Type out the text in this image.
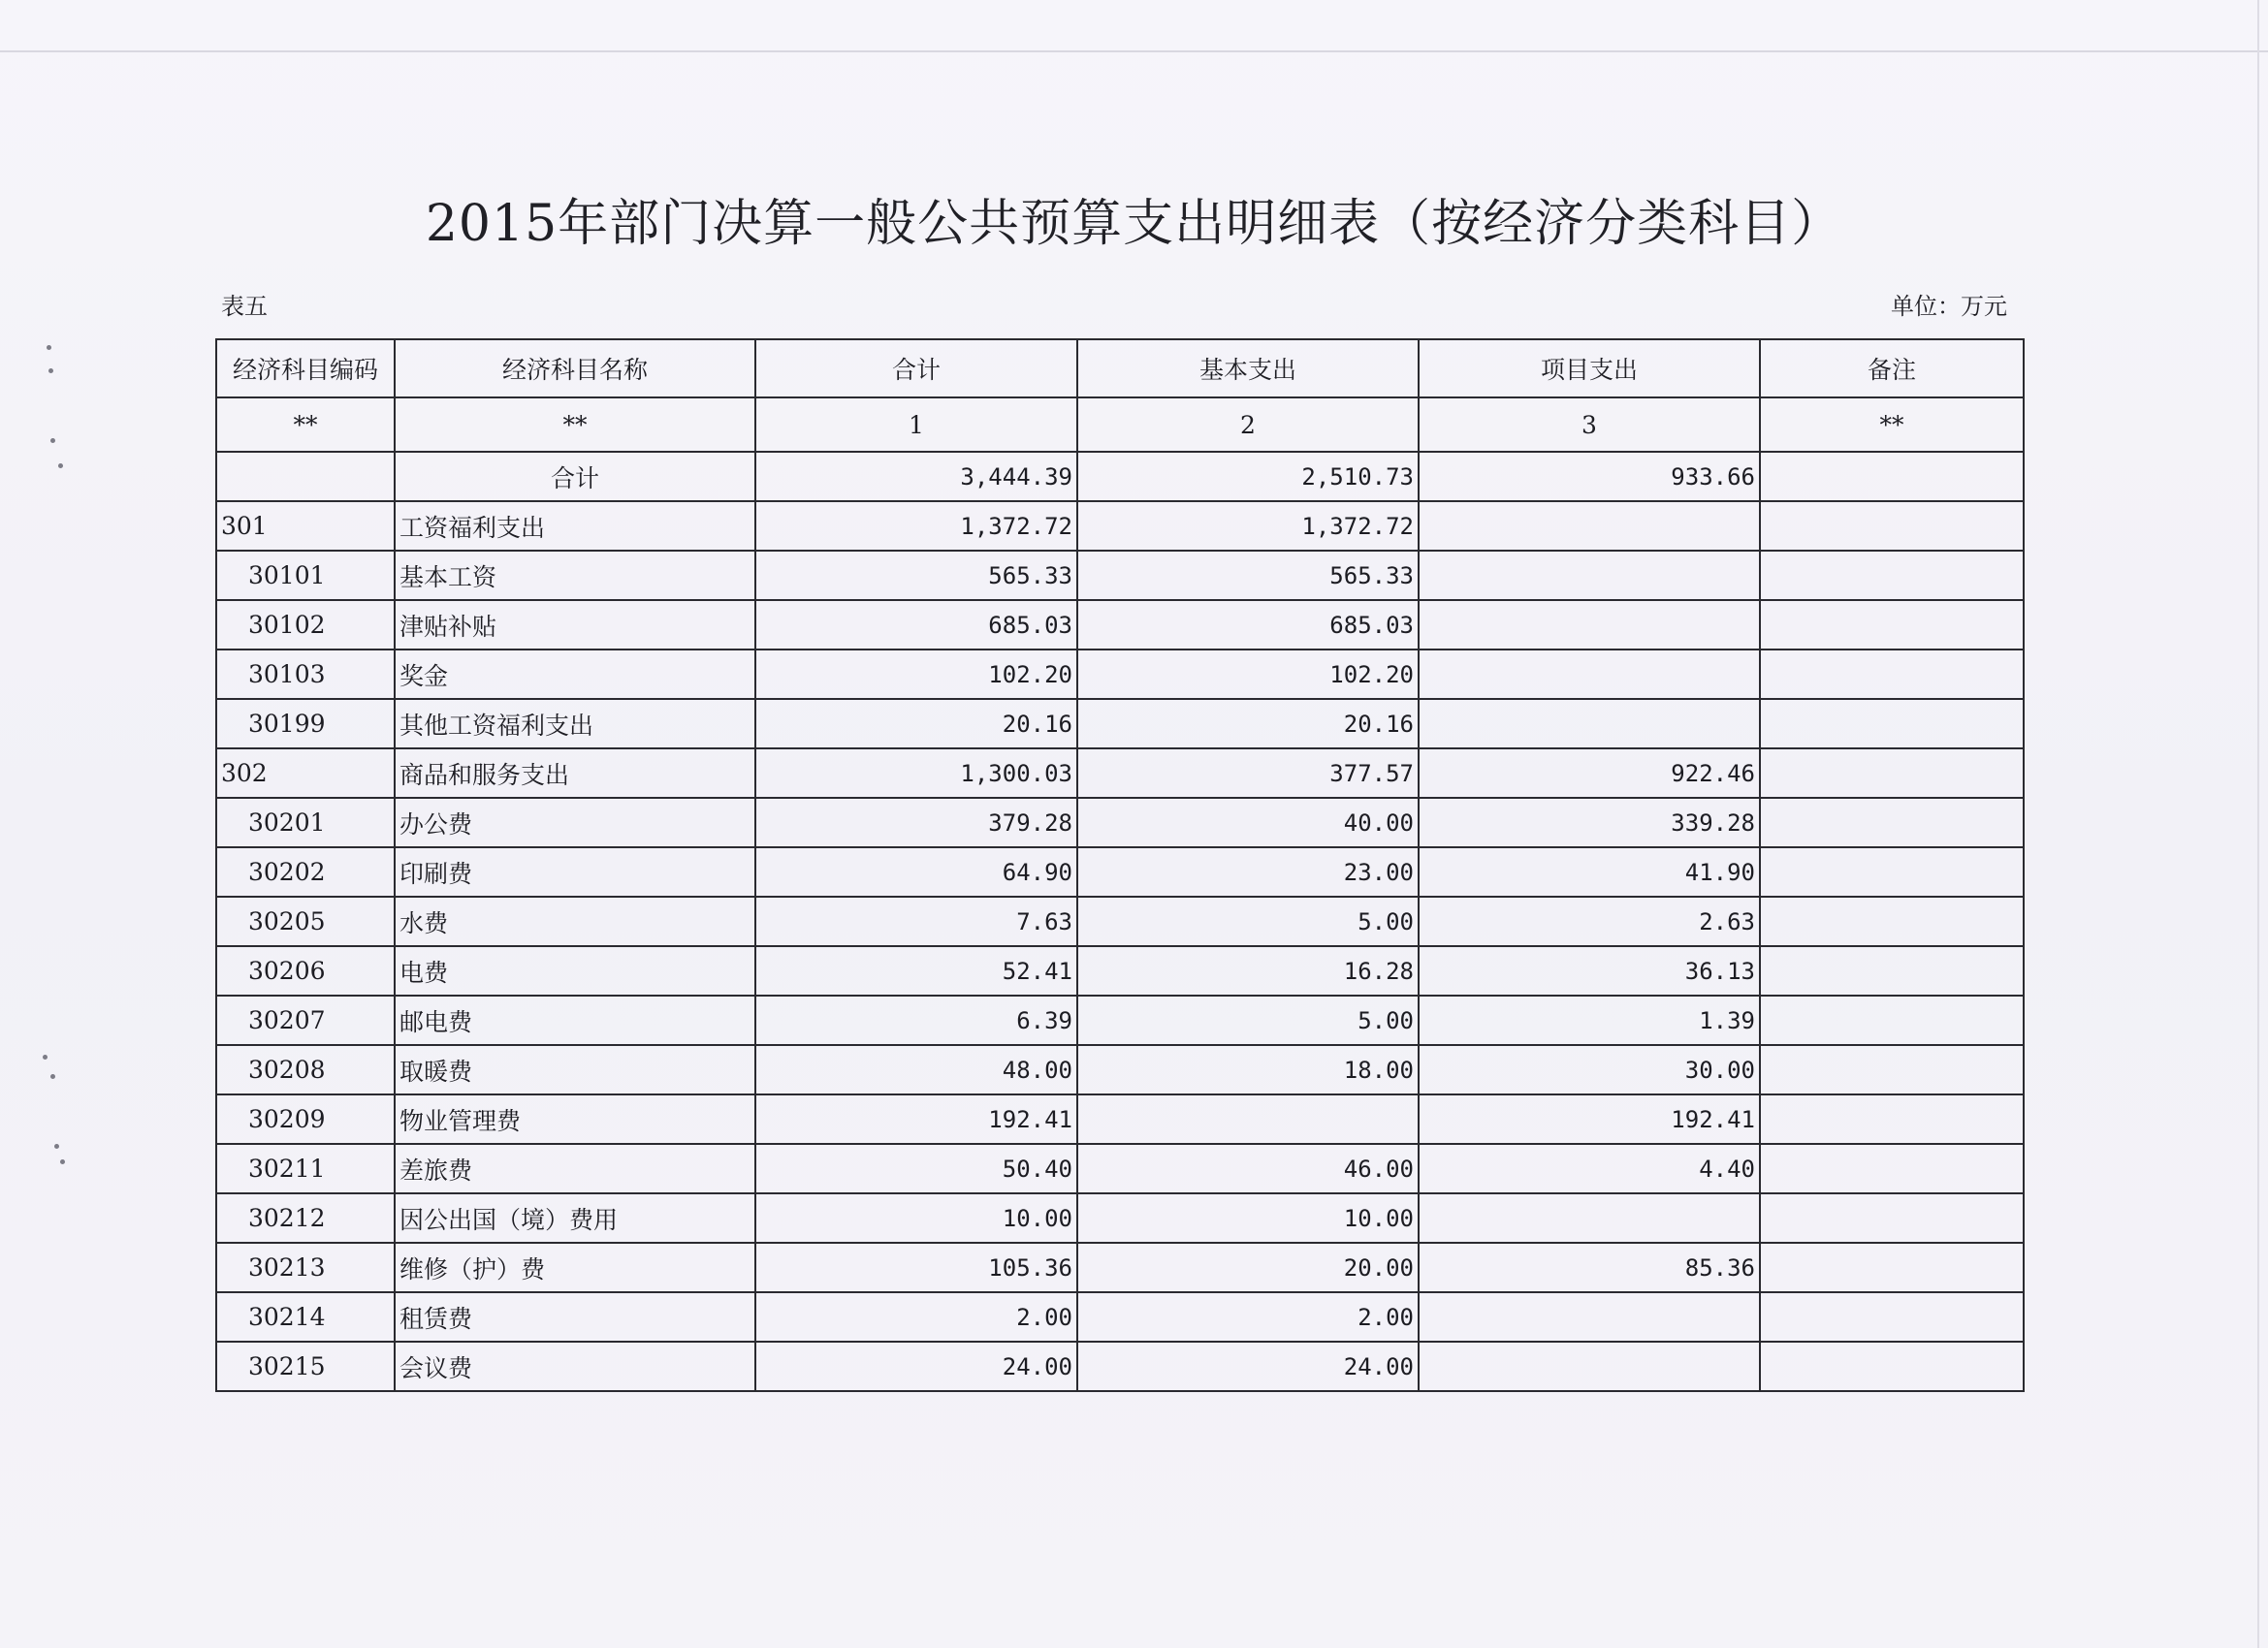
2015年部门决算一般公共预算支出明细表（按经济分类科目）
表五	单位：万元
经济科目编码	经济科目名称	合计	基本支出	项目支出	备注
**	**	1	2	3	**
	合计	3,444.39	2,510.73	933.66	
301	工资福利支出	1,372.72	1,372.72		
30101	基本工资	565.33	565.33		
30102	津贴补贴	685.03	685.03		
30103	奖金	102.20	102.20		
30199	其他工资福利支出	20.16	20.16		
302	商品和服务支出	1,300.03	377.57	922.46	
30201	办公费	379.28	40.00	339.28	
30202	印刷费	64.90	23.00	41.90	
30205	水费	7.63	5.00	2.63	
30206	电费	52.41	16.28	36.13	
30207	邮电费	6.39	5.00	1.39	
30208	取暖费	48.00	18.00	30.00	
30209	物业管理费	192.41		192.41	
30211	差旅费	50.40	46.00	4.40	
30212	因公出国（境）费用	10.00	10.00		
30213	维修（护）费	105.36	20.00	85.36	
30214	租赁费	2.00	2.00		
30215	会议费	24.00	24.00		
